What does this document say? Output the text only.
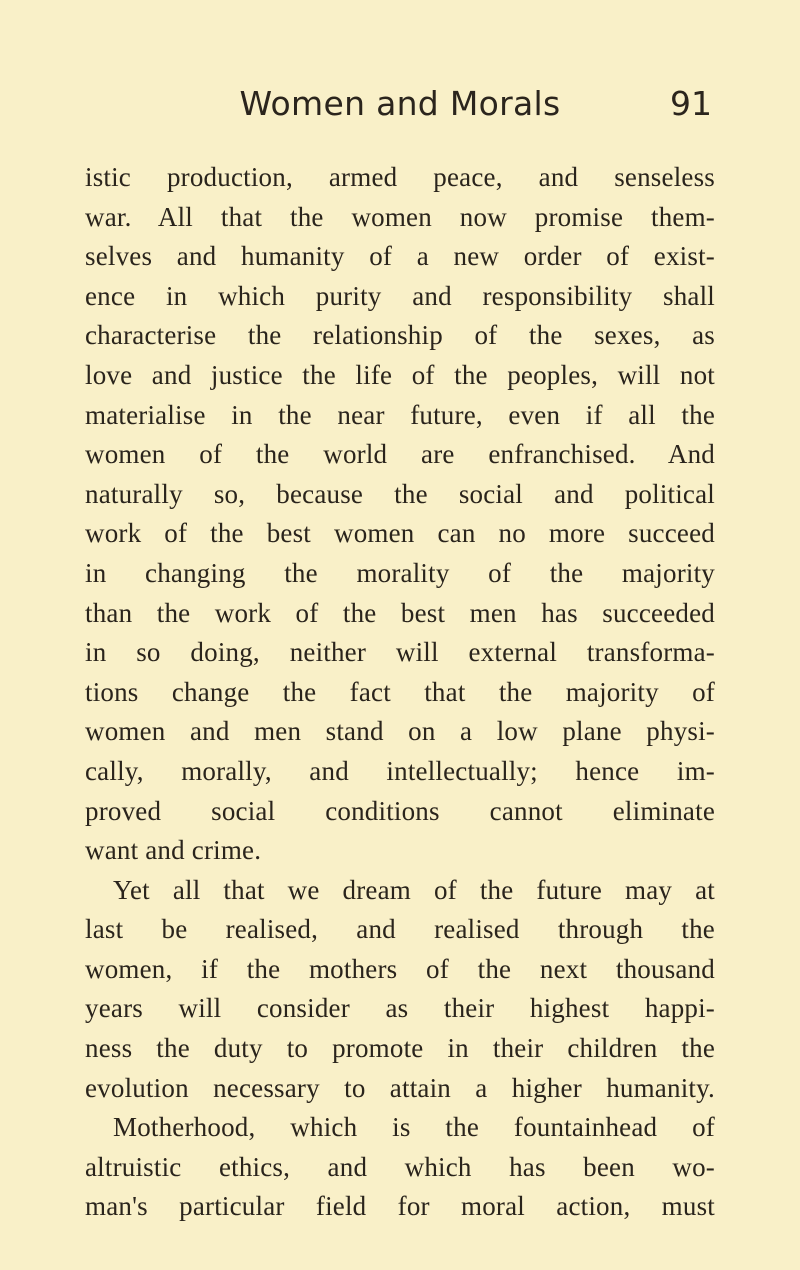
Women and Morals	91
istic production, armed peace, and senseless
war. All that the women now promise them-
selves and humanity of a new order of exist-
ence in which purity and responsibility shall
characterise the relationship of the sexes, as
love and justice the life of the peoples, will not
materialise in the near future, even if all the
women of the world are enfranchised. And
naturally so, because the social and political
work of the best women can no more succeed
in changing the morality of the majority
than the work of the best men has succeeded
in so doing, neither will external transforma-
tions change the fact that the majority of
women and men stand on a low plane physi-
cally, morally, and intellectually; hence im-
proved social conditions cannot eliminate
want and crime.
Yet all that we dream of the future may at
last be realised, and realised through the
women, if the mothers of the next thousand
years will consider as their highest happi-
ness the duty to promote in their children the
evolution necessary to attain a higher humanity.
Motherhood, which is the fountainhead of
altruistic ethics, and which has been wo-
man's particular field for moral action, must
